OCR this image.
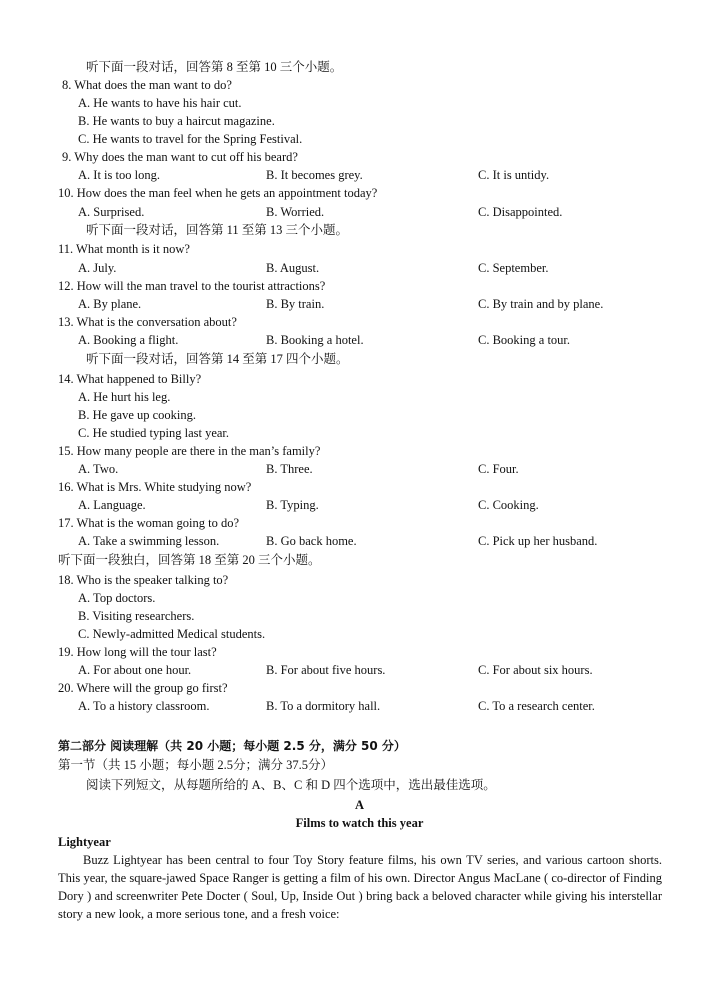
听下面一段对话，回答第 8 至第 10 三个小题。
8. What does the man want to do?
A. He wants to have his hair cut.
B. He wants to buy a haircut magazine.
C. He wants to travel for the Spring Festival.
9. Why does the man want to cut off his beard?
A. It is too long.	B. It becomes grey.	C. It is untidy.
10. How does the man feel when he gets an appointment today?
A. Surprised.	B. Worried.	C. Disappointed.
听下面一段对话，回答第 11 至第 13 三个小题。
11. What month is it now?
A. July.	B. August.	C. September.
12. How will the man travel to the tourist attractions?
A. By plane.	B. By train.	C. By train and by plane.
13. What is the conversation about?
A. Booking a flight.	B. Booking a hotel.	C. Booking a tour.
听下面一段对话，回答第 14 至第 17 四个小题。
14. What happened to Billy?
A. He hurt his leg.
B. He gave up cooking.
C. He studied typing last year.
15. How many people are there in the man’s family?
A. Two.	B. Three.	C. Four.
16. What is Mrs. White studying now?
A. Language.	B. Typing.	C. Cooking.
17. What is the woman going to do?
A. Take a swimming lesson.	B. Go back home.	C. Pick up her husband.
听下面一段独白，回答第 18 至第 20 三个小题。
18. Who is the speaker talking to?
A. Top doctors.
B. Visiting researchers.
C. Newly-admitted Medical students.
19. How long will the tour last?
A. For about one hour.	B. For about five hours.	C. For about six hours.
20. Where will the group go first?
A. To a history classroom.	B. To a dormitory hall.	C. To a research center.
第二部分 阅读理解（共 20 小题；每小题 2.5 分，满分 50 分）
第一节（共 15 小题；每小题 2.5分；满分 37.5分）
阅读下列短文，从每题所给的 A、B、C 和 D 四个选项中，选出最佳选项。
A
Films to watch this year
Lightyear
Buzz Lightyear has been central to four Toy Story feature films, his own TV series, and various cartoon shorts. This year, the square-jawed Space Ranger is getting a film of his own. Director Angus MacLane ( co-director of Finding Dory ) and screenwriter Pete Docter ( Soul, Up, Inside Out ) bring back a beloved character while giving his interstellar story a new look, a more serious tone, and a fresh voice:
